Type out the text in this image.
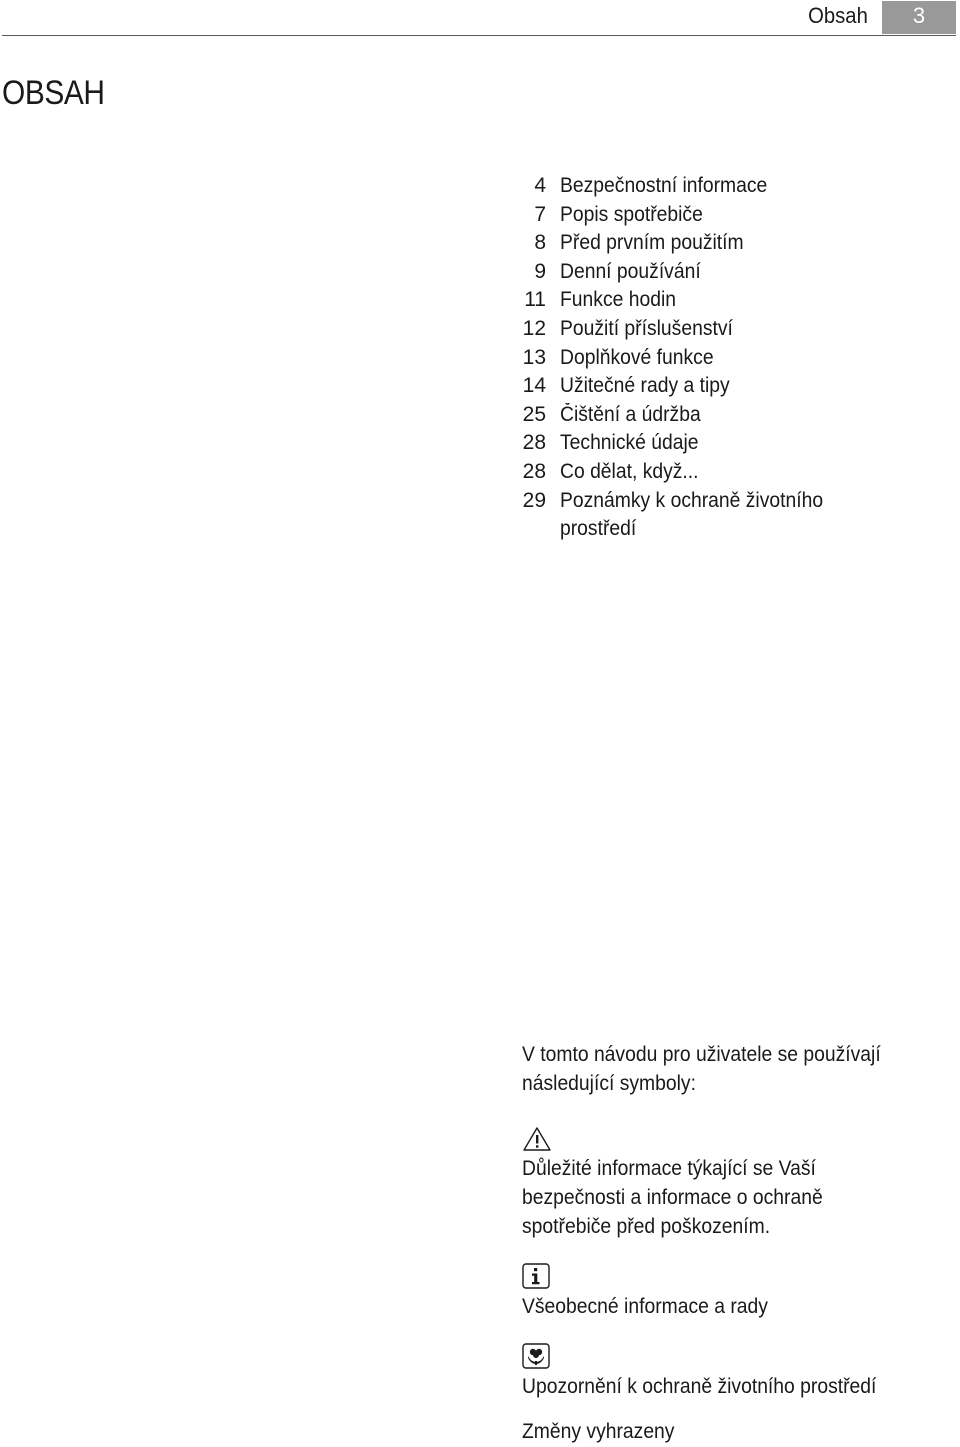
Obsah	3
OBSAH
4 Bezpečnostní informace
7 Popis spotřebiče
8 Před prvním použitím
9 Denní používání
11 Funkce hodin
12 Použití příslušenství
13 Doplňkové funkce
14 Užitečné rady a tipy
25 Čištění a údržba
28 Technické údaje
28 Co dělat, když...
29 Poznámky k ochraně životního prostředí

V tomto návodu pro uživatele se používají
následující symboly:

Důležité informace týkající se Vaší
bezpečnosti a informace o ochraně
spotřebiče před poškozením.

Všeobecné informace a rady

Upozornění k ochraně životního prostředí

Změny vyhrazeny
